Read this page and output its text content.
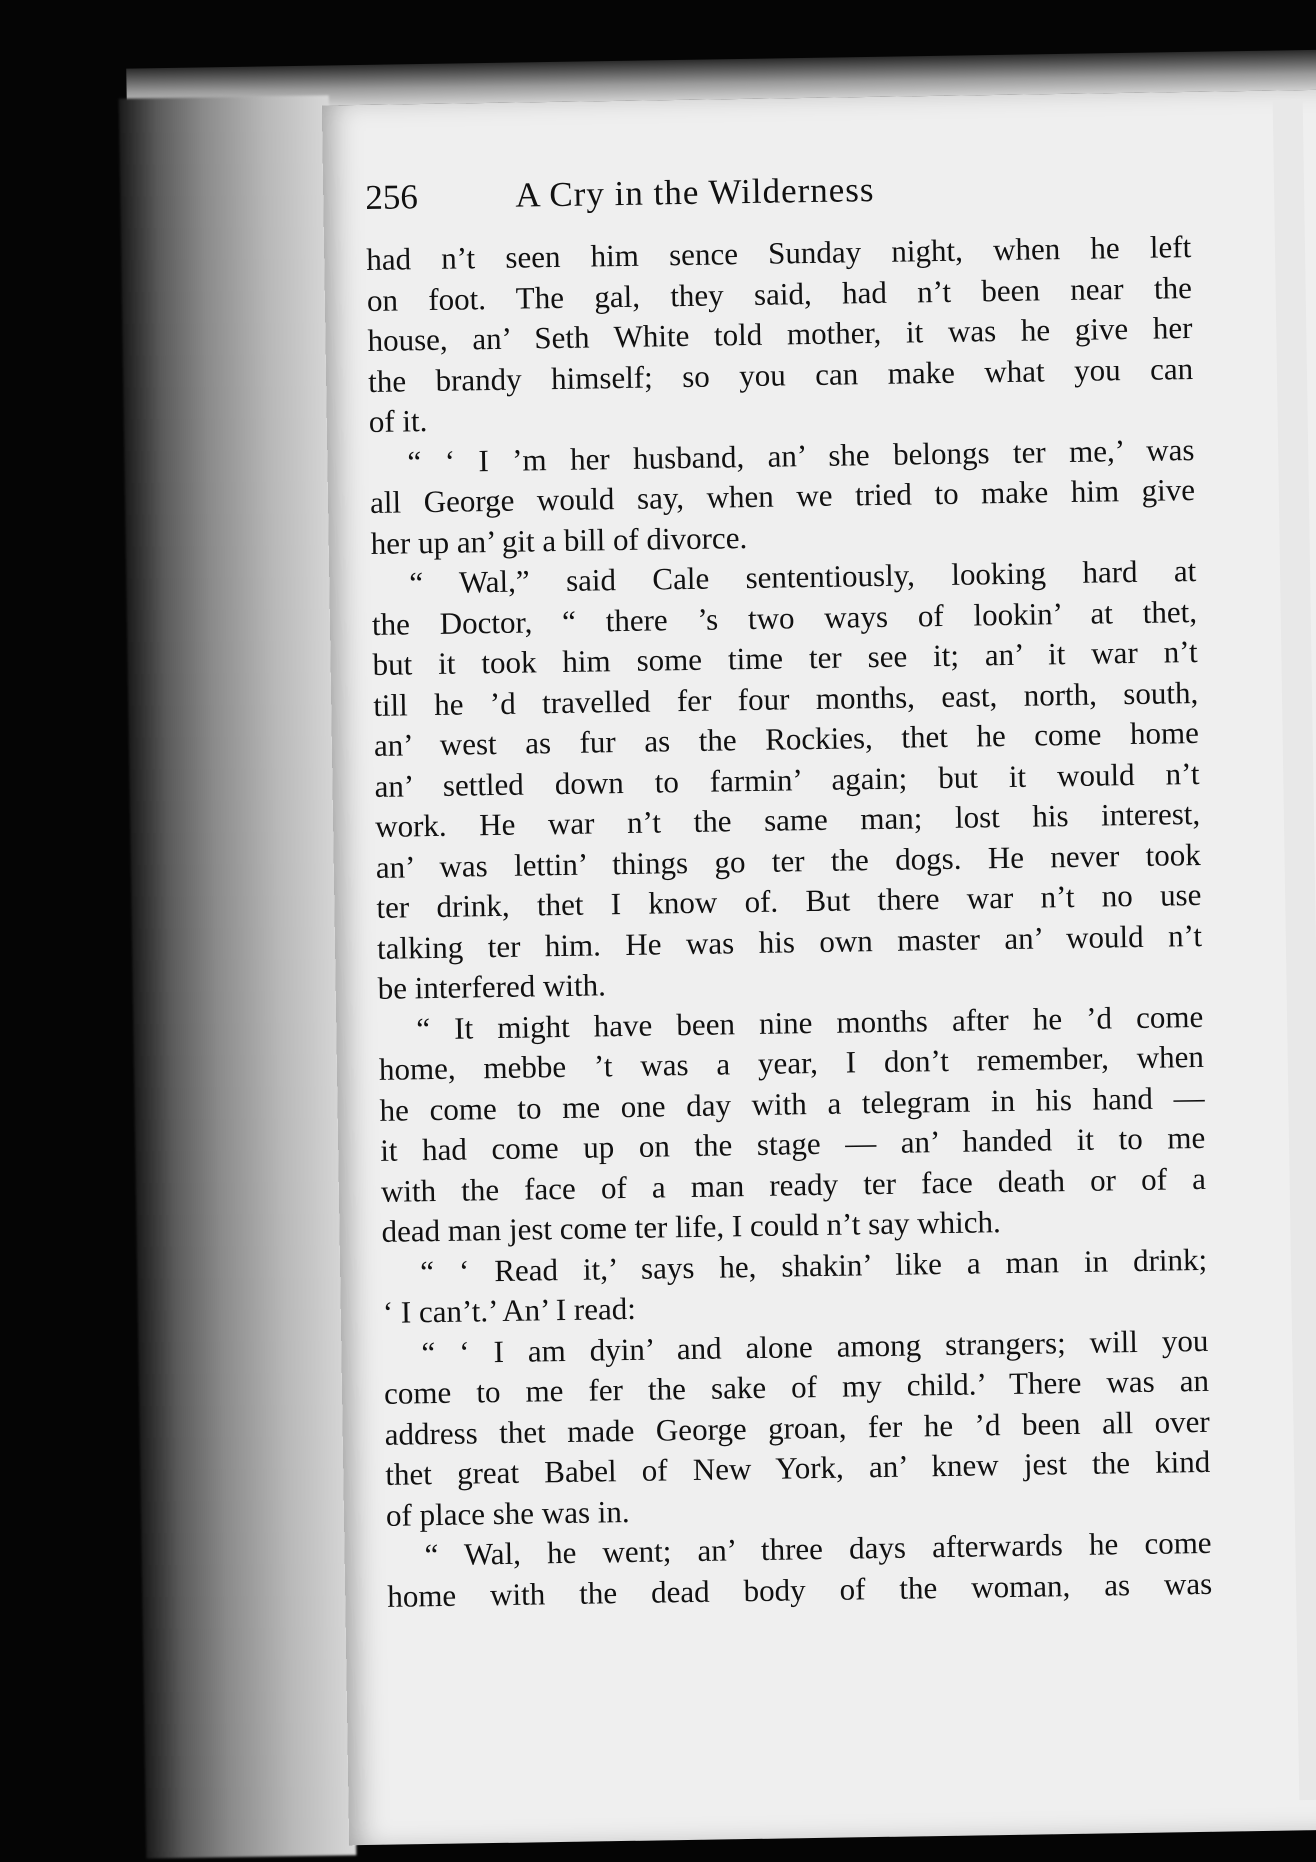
256	A Cry in the Wilderness
had n’t seen him sence Sunday night, when he left
on foot. The gal, they said, had n’t been near the
house, an’ Seth White told mother, it was he give her
the brandy himself; so you can make what you can
of it.
“ ‘ I ’m her husband, an’ she belongs ter me,’ was
all George would say, when we tried to make him give
her up an’ git a bill of divorce.
“ Wal,” said Cale sententiously, looking hard at
the Doctor, “ there ’s two ways of lookin’ at thet,
but it took him some time ter see it; an’ it war n’t
till he ’d travelled fer four months, east, north, south,
an’ west as fur as the Rockies, thet he come home
an’ settled down to farmin’ again; but it would n’t
work. He war n’t the same man; lost his interest,
an’ was lettin’ things go ter the dogs. He never took
ter drink, thet I know of. But there war n’t no use
talking ter him. He was his own master an’ would n’t
be interfered with.
“ It might have been nine months after he ’d come
home, mebbe ’t was a year, I don’t remember, when
he come to me one day with a telegram in his hand —
it had come up on the stage — an’ handed it to me
with the face of a man ready ter face death or of a
dead man jest come ter life, I could n’t say which.
“ ‘ Read it,’ says he, shakin’ like a man in drink;
‘ I can’t.’ An’ I read:
“ ‘ I am dyin’ and alone among strangers; will you
come to me fer the sake of my child.’ There was an
address thet made George groan, fer he ’d been all over
thet great Babel of New York, an’ knew jest the kind
of place she was in.
“ Wal, he went; an’ three days afterwards he come
home with the dead body of the woman, as was
